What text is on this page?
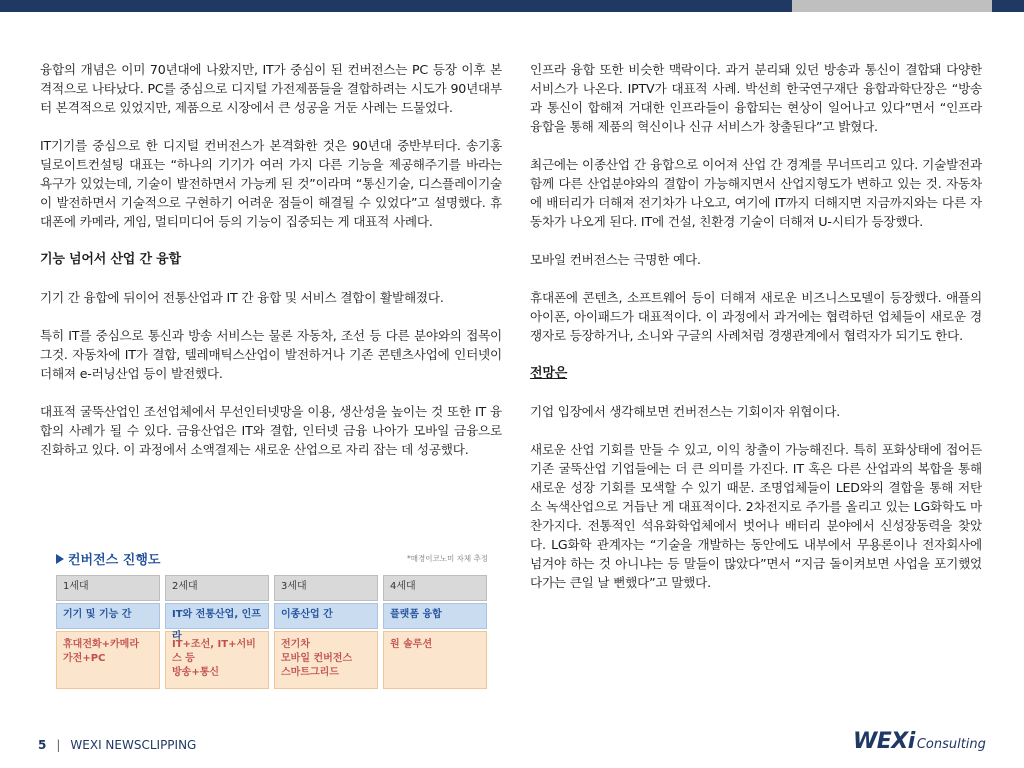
융합의 개념은 이미 70년대에 나왔지만, IT가 중심이 된 컨버전스는 PC 등장 이후 본격적으로 나타났다. PC를 중심으로 디지털 가전제품들을 결합하려는 시도가 90년대부터 본격적으로 있었지만, 제품으로 시장에서 큰 성공을 거둔 사례는 드물었다.

IT기기를 중심으로 한 디지털 컨버전스가 본격화한 것은 90년대 중반부터다. 송기홍 딜로이트컨설팅 대표는 “하나의 기기가 여러 가지 다른 기능을 제공해주기를 바라는 욕구가 있었는데, 기술이 발전하면서 가능케 된 것”이라며 “통신기술, 디스플레이기술이 발전하면서 기술적으로 구현하기 어려운 점들이 해결될 수 있었다”고 설명했다. 휴대폰에 카메라, 게임, 멀티미디어 등의 기능이 집중되는 게 대표적 사례다.

기능 넘어서 산업 간 융합

기기 간 융합에 뒤이어 전통산업과 IT 간 융합 및 서비스 결합이 활발해졌다.

특히 IT를 중심으로 통신과 방송 서비스는 물론 자동차, 조선 등 다른 분야와의 접목이 그것. 자동차에 IT가 결합, 텔레매틱스산업이 발전하거나 기존 콘텐츠사업에 인터넷이 더해져 e-러닝산업 등이 발전했다.

대표적 굴뚝산업인 조선업체에서 무선인터넷망을 이용, 생산성을 높이는 것 또한 IT 융합의 사례가 될 수 있다. 금융산업은 IT와 결합, 인터넷 금융 나아가 모바일 금융으로 진화하고 있다. 이 과정에서 소액결제는 새로운 산업으로 자리 잡는 데 성공했다.

컨버전스 진행도	*매경이코노미 자체 추정
1세대
기기 및 기능 간
휴대전화+카메라
가전+PC
2세대
IT와 전통산업, 인프라
IT+조선, IT+서비스 등
방송+통신
3세대
이종산업 간
전기차
모바일 컨버전스
스마트그리드
4세대
플랫폼 융합
원 솔루션

인프라 융합 또한 비슷한 맥락이다. 과거 분리돼 있던 방송과 통신이 결합돼 다양한 서비스가 나온다. IPTV가 대표적 사례. 박선희 한국연구재단 융합과학단장은 “방송과 통신이 합해져 거대한 인프라들이 융합되는 현상이 일어나고 있다”면서 “인프라 융합을 통해 제품의 혁신이나 신규 서비스가 창출된다”고 밝혔다.

최근에는 이종산업 간 융합으로 이어져 산업 간 경계를 무너뜨리고 있다. 기술발전과 함께 다른 산업분야와의 결합이 가능해지면서 산업지형도가 변하고 있는 것. 자동차에 배터리가 더해져 전기차가 나오고, 여기에 IT까지 더해지면 지금까지와는 다른 자동차가 나오게 된다. IT에 건설, 친환경 기술이 더해져 U-시티가 등장했다.

모바일 컨버전스는 극명한 예다.

휴대폰에 콘텐츠, 소프트웨어 등이 더해져 새로운 비즈니스모델이 등장했다. 애플의 아이폰, 아이패드가 대표적이다. 이 과정에서 과거에는 협력하던 업체들이 새로운 경쟁자로 등장하거나, 소니와 구글의 사례처럼 경쟁관계에서 협력자가 되기도 한다.

전망은

기업 입장에서 생각해보면 컨버전스는 기회이자 위협이다.

새로운 산업 기회를 만들 수 있고, 이익 창출이 가능해진다. 특히 포화상태에 접어든 기존 굴뚝산업 기업들에는 더 큰 의미를 가진다. IT 혹은 다른 산업과의 복합을 통해 새로운 성장 기회를 모색할 수 있기 때문. 조명업체들이 LED와의 결합을 통해 저탄소 녹색산업으로 거듭난 게 대표적이다. 2차전지로 주가를 올리고 있는 LG화학도 마찬가지다. 전통적인 석유화학업체에서 벗어나 배터리 분야에서 신성장동력을 찾았다. LG화학 관계자는 “기술을 개발하는 동안에도 내부에서 무용론이나 전자회사에 넘겨야 하는 것 아니냐는 등 말들이 많았다”면서 “지금 돌이켜보면 사업을 포기했었다가는 큰일 날 뻔했다”고 말했다.

5 | WEXI NEWSCLIPPING	WEXi Consulting
